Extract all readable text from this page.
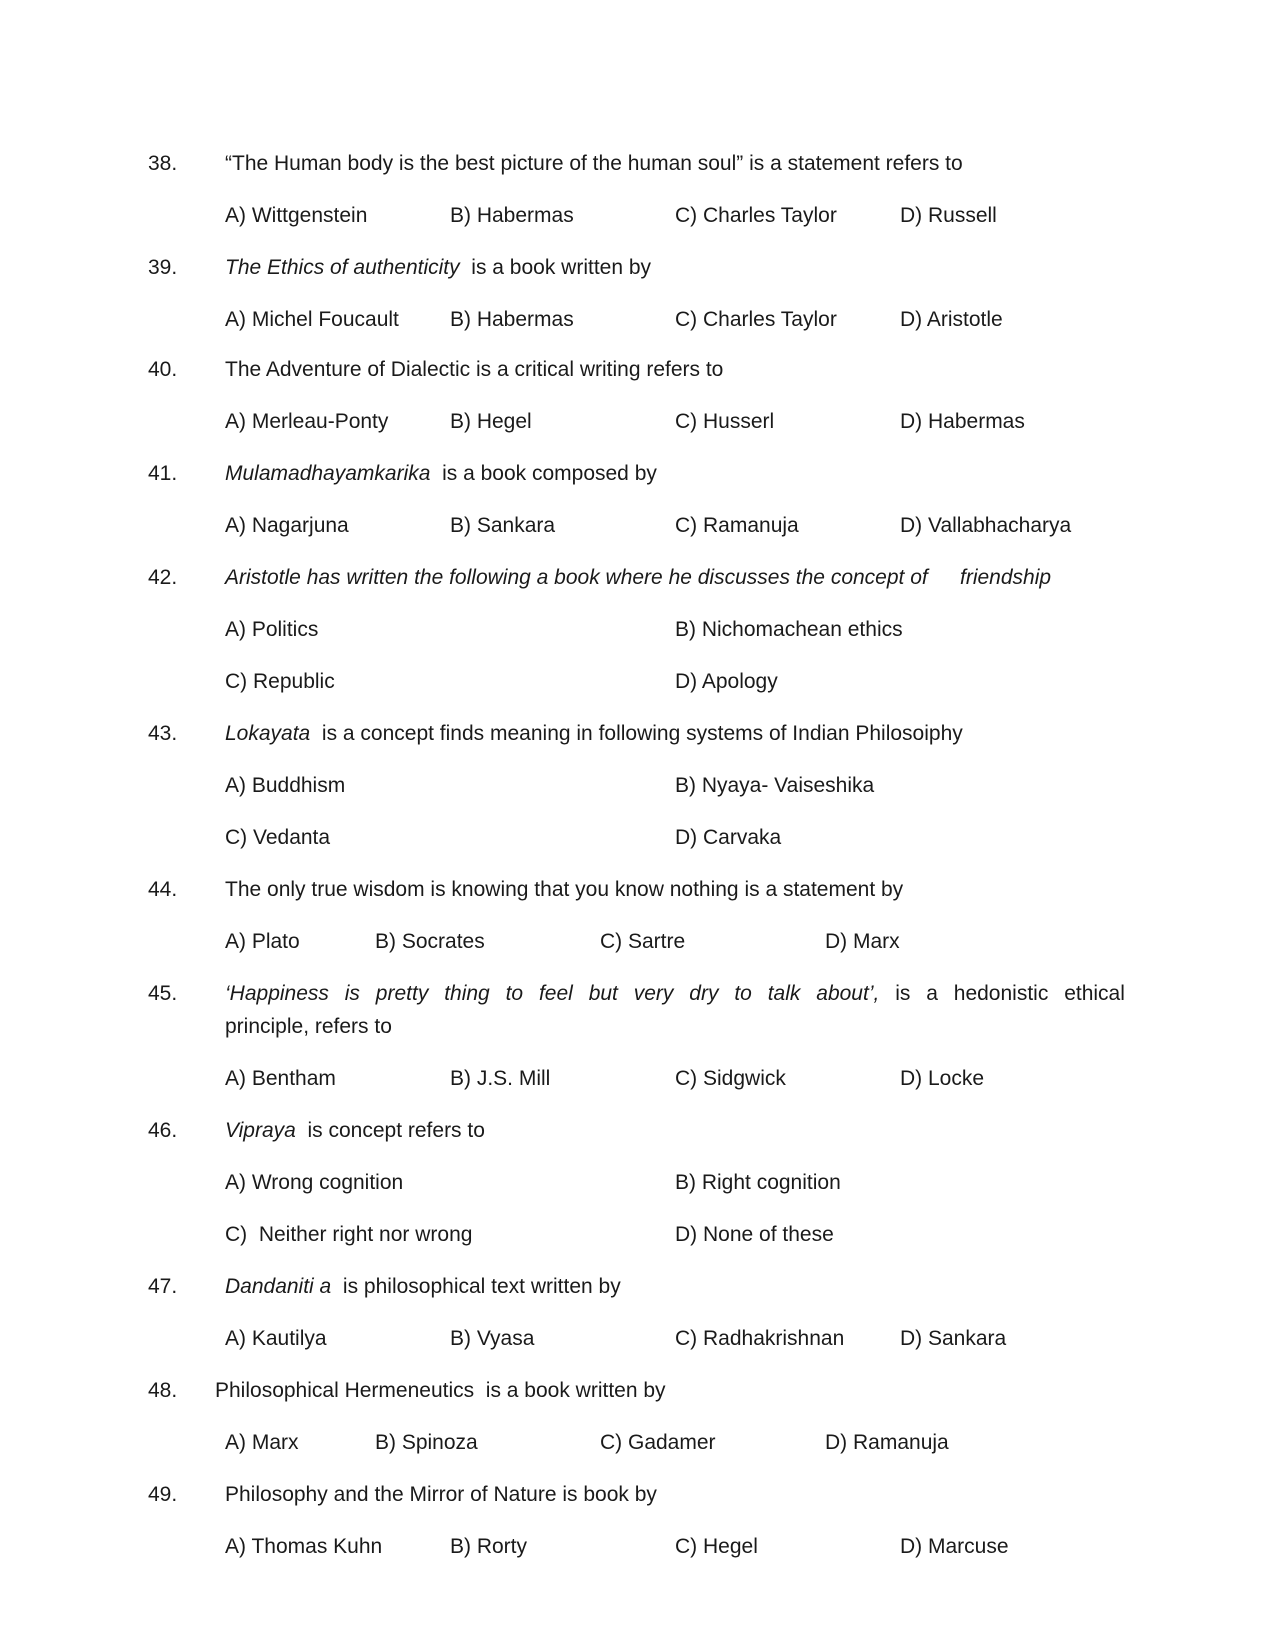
38. “The Human body is the best picture of the human soul” is a statement refers to
A) Wittgenstein	B) Habermas	C) Charles Taylor	D) Russell
39. The Ethics of authenticity  is a book written by
A) Michel Foucault B) Habermas	C) Charles Taylor	D) Aristotle
40. The Adventure of Dialectic is a critical writing refers to
A) Merleau-Ponty	B) Hegel	C) Husserl	D) Habermas
41. Mulamadhayamkarika  is a book composed by
A) Nagarjuna	B) Sankara	C) Ramanuja	D) Vallabhacharya
42. Aristotle has written the following a book where he discusses the concept of friendship
A) Politics	B) Nichomachean ethics
C) Republic	D) Apology
43. Lokayata  is a concept finds meaning in following systems of Indian Philosoiphy
A) Buddhism	B) Nyaya- Vaiseshika
C) Vedanta	D) Carvaka
44. The only true wisdom is knowing that you know nothing is a statement by
A) Plato	B) Socrates	C) Sartre	D) Marx
45. ‘Happiness is pretty thing to feel but very dry to talk about’, is a hedonistic ethical
principle, refers to
A) Bentham	B) J.S. Mill	C) Sidgwick	D) Locke
46. Vipraya  is concept refers to
A) Wrong cognition	B) Right cognition
C)  Neither right nor wrong	D) None of these
47. Dandaniti a  is philosophical text written by
A) Kautilya	B) Vyasa	C) Radhakrishnan	D) Sankara
48. Philosophical Hermeneutics  is a book written by
A) Marx	B) Spinoza	C) Gadamer	D) Ramanuja
49. Philosophy and the Mirror of Nature is book by
A) Thomas Kuhn	B) Rorty	C) Hegel	D) Marcuse
